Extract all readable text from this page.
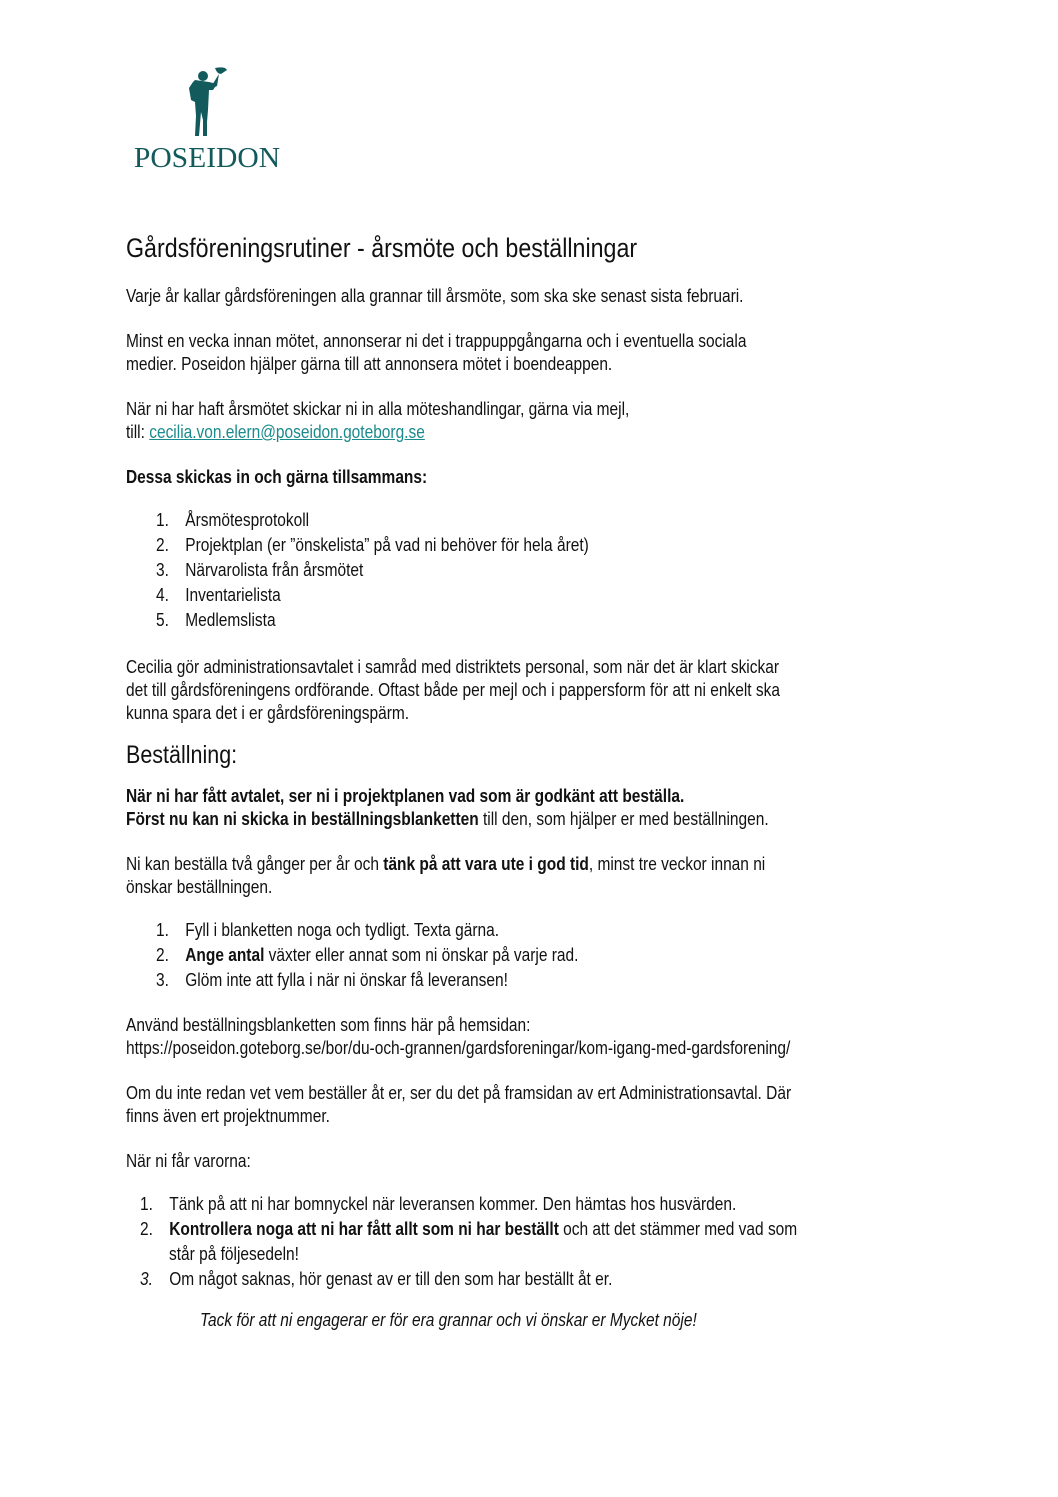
POSEIDON
Gårdsföreningsrutiner - årsmöte och beställningar
Varje år kallar gårdsföreningen alla grannar till årsmöte, som ska ske senast sista februari.
Minst en vecka innan mötet, annonserar ni det i trappuppgångarna och i eventuella sociala
medier. Poseidon hjälper gärna till att annonsera mötet i boendeappen.
När ni har haft årsmötet skickar ni in alla möteshandlingar, gärna via mejl,
till: cecilia.von.elern@poseidon.goteborg.se
Dessa skickas in och gärna tillsammans:
1. Årsmötesprotokoll
2. Projektplan (er ”önskelista” på vad ni behöver för hela året)
3. Närvarolista från årsmötet
4. Inventarielista
5. Medlemslista
Cecilia gör administrationsavtalet i samråd med distriktets personal, som när det är klart skickar
det till gårdsföreningens ordförande. Oftast både per mejl och i pappersform för att ni enkelt ska
kunna spara det i er gårdsföreningspärm.
Beställning:
När ni har fått avtalet, ser ni i projektplanen vad som är godkänt att beställa.
Först nu kan ni skicka in beställningsblanketten till den, som hjälper er med beställningen.
Ni kan beställa två gånger per år och tänk på att vara ute i god tid, minst tre veckor innan ni
önskar beställningen.
1. Fyll i blanketten noga och tydligt. Texta gärna.
2. Ange antal växter eller annat som ni önskar på varje rad.
3. Glöm inte att fylla i när ni önskar få leveransen!
Använd beställningsblanketten som finns här på hemsidan:
https://poseidon.goteborg.se/bor/du-och-grannen/gardsforeningar/kom-igang-med-gardsforening/
Om du inte redan vet vem beställer åt er, ser du det på framsidan av ert Administrationsavtal. Där
finns även ert projektnummer.
När ni får varorna:
1. Tänk på att ni har bomnyckel när leveransen kommer. Den hämtas hos husvärden.
2. Kontrollera noga att ni har fått allt som ni har beställt och att det stämmer med vad som
står på följesedeln!
3. Om något saknas, hör genast av er till den som har beställt åt er.
Tack för att ni engagerar er för era grannar och vi önskar er Mycket nöje!
